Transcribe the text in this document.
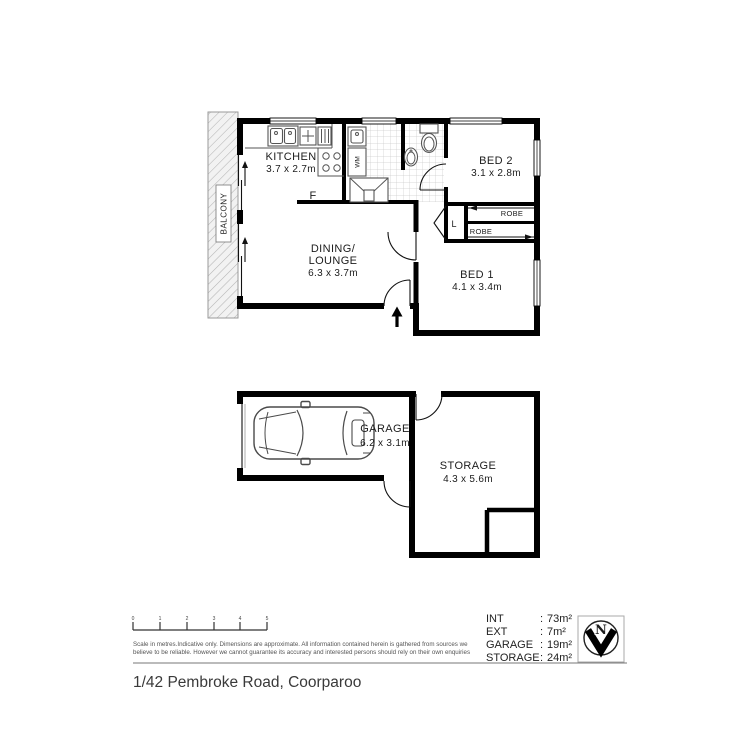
BALCONY
WM
KITCHEN
3.7 x 2.7m
F
DINING/
LOUNGE
6.3 x 3.7m
BED 2
3.1 x 2.8m
BED 1
4.1 x 3.4m
L
ROBE
ROBE
GARAGE
6.2 x 3.1m
STORAGE
4.3 x 5.6m
0	1	2	3	4	5
Scale in metres.Indicative only. Dimensions are approximate. All information contained herein is gathered from sources we
believe to be reliable. However we cannot guarantee its accuracy and interested persons should rely on their own enquiries
INT	: 73m²
EXT	: 7m²
GARAGE : 19m²
STORAGE : 24m²
N
1/42 Pembroke Road, Coorparoo
